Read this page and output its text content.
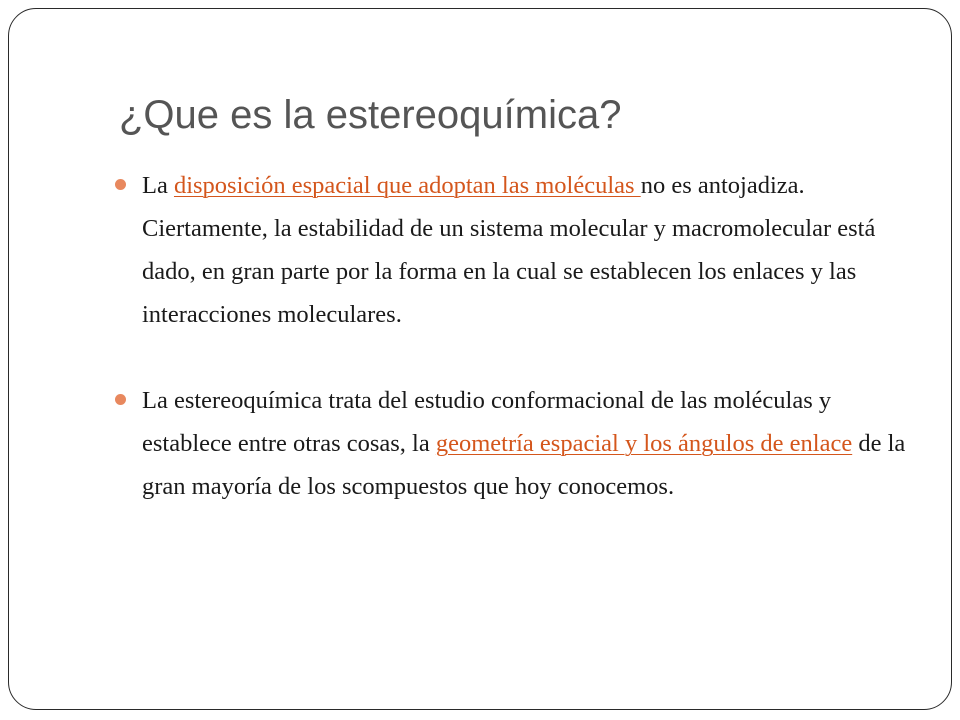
¿Que es la estereoquímica?
La disposición espacial que adoptan las moléculas no es antojadiza. Ciertamente, la estabilidad de un sistema molecular y macromolecular está dado, en gran parte por la forma en la cual se establecen los enlaces y las interacciones moleculares.
La estereoquímica trata del estudio conformacional de las moléculas y establece entre otras cosas, la geometría espacial y los ángulos de enlace de la gran mayoría de los scompuestos que hoy conocemos.
